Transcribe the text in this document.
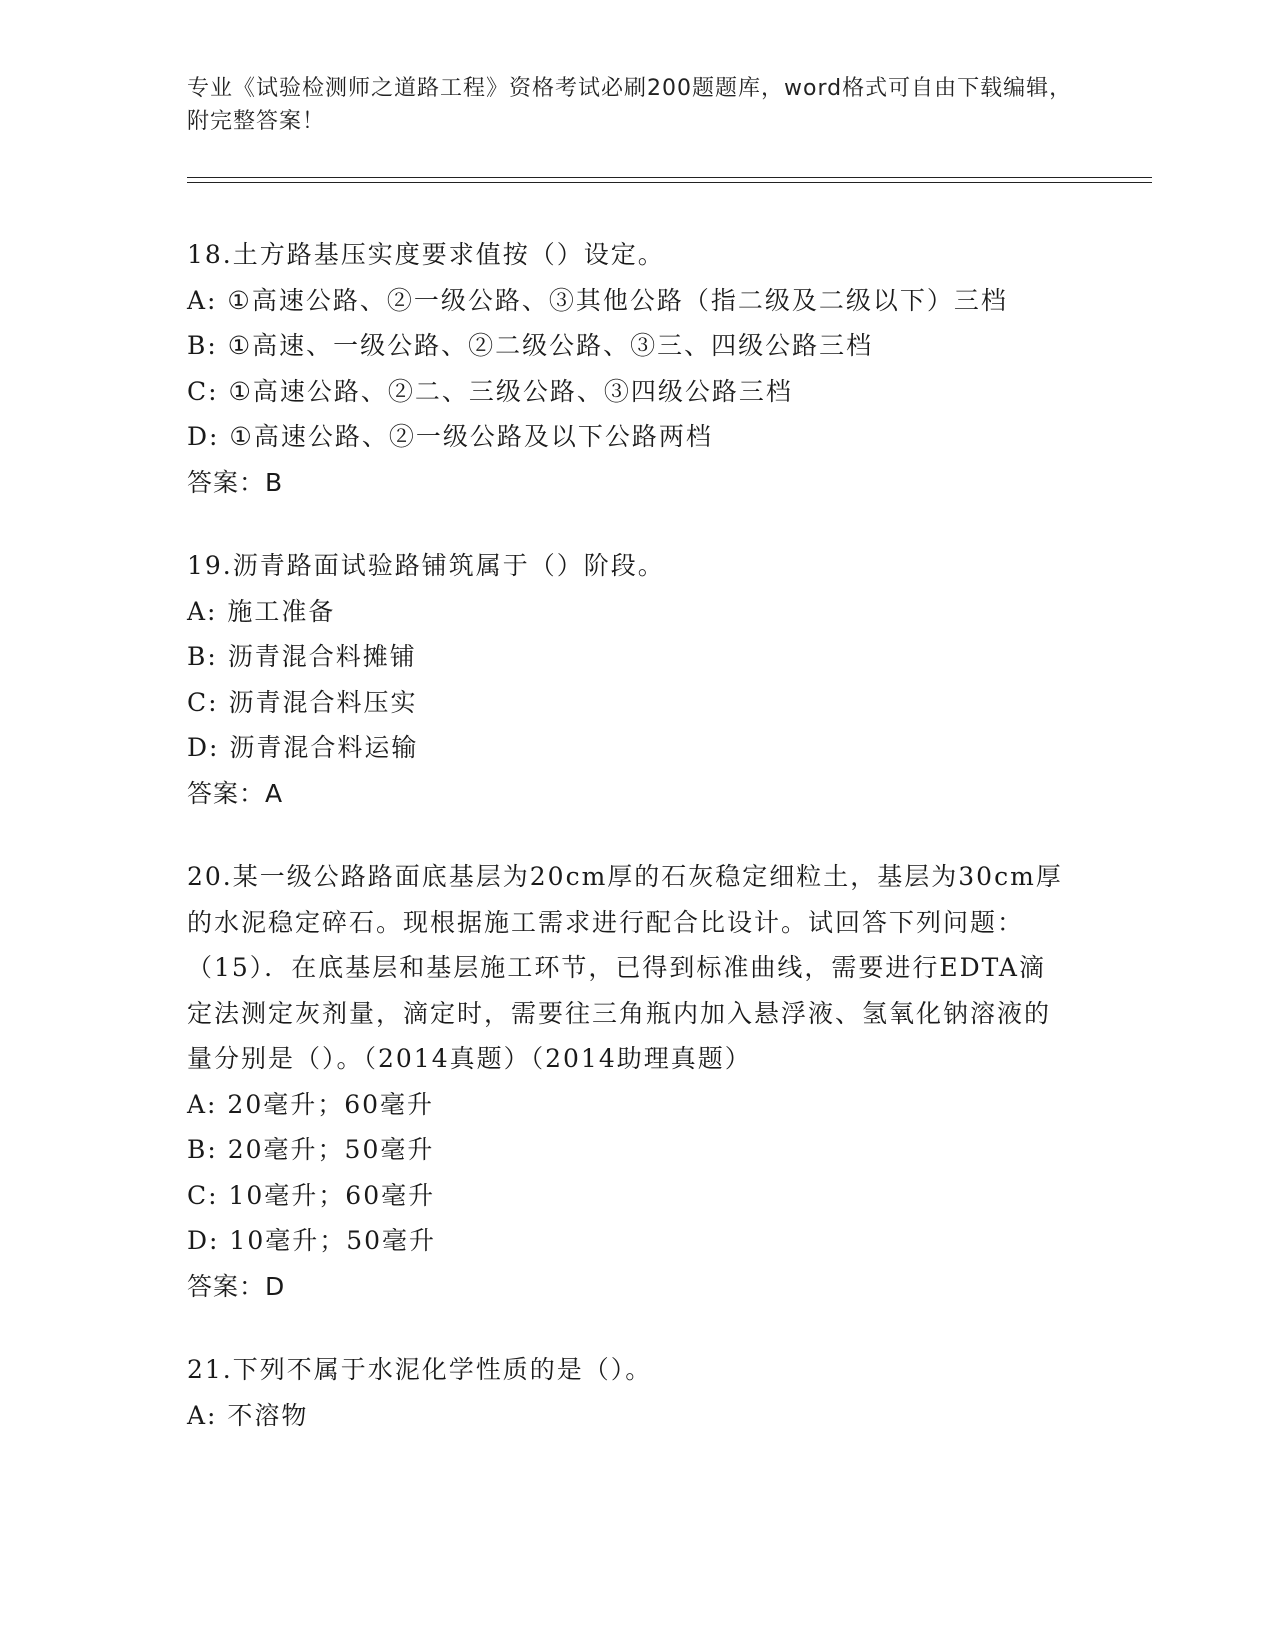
专业《试验检测师之道路工程》资格考试必刷200题题库，word格式可自由下载编辑，附完整答案！
18.土方路基压实度要求值按（）设定。
A: ①高速公路、②一级公路、③其他公路（指二级及二级以下）三档
B: ①高速、一级公路、②二级公路、③三、四级公路三档
C: ①高速公路、②二、三级公路、③四级公路三档
D: ①高速公路、②一级公路及以下公路两档
答案：B
19.沥青路面试验路铺筑属于（）阶段。
A: 施工准备
B: 沥青混合料摊铺
C: 沥青混合料压实
D: 沥青混合料运输
答案：A
20.某一级公路路面底基层为20cm厚的石灰稳定细粒土，基层为30cm厚的水泥稳定碎石。现根据施工需求进行配合比设计。试回答下列问题：（15）．在底基层和基层施工环节，已得到标准曲线，需要进行EDTA滴定法测定灰剂量，滴定时，需要往三角瓶内加入悬浮液、氢氧化钠溶液的量分别是（）。（2014真题）（2014助理真题）
A: 20毫升；60毫升
B: 20毫升；50毫升
C: 10毫升；60毫升
D: 10毫升；50毫升
答案：D
21.下列不属于水泥化学性质的是（）。
A: 不溶物
